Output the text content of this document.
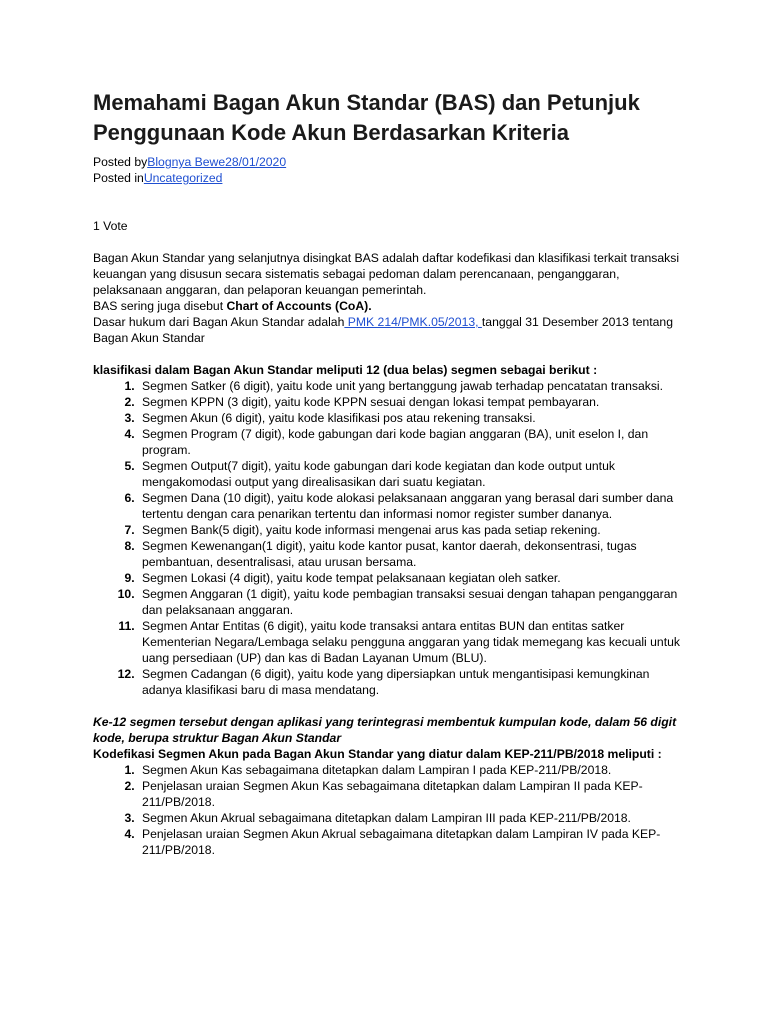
Memahami Bagan Akun Standar (BAS) dan Petunjuk Penggunaan Kode Akun Berdasarkan Kriteria

Posted byBlognya Bewe28/01/2020

Posted inUncategorized

1 Vote

Bagan Akun Standar yang selanjutnya disingkat BAS adalah daftar kodefikasi dan klasifikasi terkait transaksi keuangan yang disusun secara sistematis sebagai pedoman dalam perencanaan, penganggaran, pelaksanaan anggaran, dan pelaporan keuangan pemerintah.

BAS sering juga disebut Chart of Accounts (CoA).

Dasar hukum dari Bagan Akun Standar adalah PMK 214/PMK.05/2013, tanggal 31 Desember 2013 tentang Bagan Akun Standar

klasifikasi dalam Bagan Akun Standar meliputi 12 (dua belas) segmen sebagai berikut :
1. Segmen Satker (6 digit), yaitu kode unit yang bertanggung jawab terhadap pencatatan transaksi.
2. Segmen KPPN (3 digit), yaitu kode KPPN sesuai dengan lokasi tempat pembayaran.
3. Segmen Akun (6 digit), yaitu kode klasifikasi pos atau rekening transaksi.
4. Segmen Program (7 digit), kode gabungan dari kode bagian anggaran (BA), unit eselon I, dan program.
5. Segmen Output(7 digit), yaitu kode gabungan dari kode kegiatan dan kode output untuk mengakomodasi output yang direalisasikan dari suatu kegiatan.
6. Segmen Dana (10 digit), yaitu kode alokasi pelaksanaan anggaran yang berasal dari sumber dana tertentu dengan cara penarikan tertentu dan informasi nomor register sumber dananya.
7. Segmen Bank(5 digit), yaitu kode informasi mengenai arus kas pada setiap rekening.
8. Segmen Kewenangan(1 digit), yaitu kode kantor pusat, kantor daerah, dekonsentrasi, tugas pembantuan, desentralisasi, atau urusan bersama.
9. Segmen Lokasi (4 digit), yaitu kode tempat pelaksanaan kegiatan oleh satker.
10. Segmen Anggaran (1 digit), yaitu kode pembagian transaksi sesuai dengan tahapan penganggaran dan pelaksanaan anggaran.
11. Segmen Antar Entitas (6 digit), yaitu kode transaksi antara entitas BUN dan entitas satker Kementerian Negara/Lembaga selaku pengguna anggaran yang tidak memegang kas kecuali untuk uang persediaan (UP) dan kas di Badan Layanan Umum (BLU).
12. Segmen Cadangan (6 digit), yaitu kode yang dipersiapkan untuk mengantisipasi kemungkinan adanya klasifikasi baru di masa mendatang.
Ke-12 segmen tersebut dengan aplikasi yang terintegrasi membentuk kumpulan kode, dalam 56 digit kode, berupa struktur Bagan Akun Standar
Kodefikasi Segmen Akun pada Bagan Akun Standar yang diatur dalam KEP-211/PB/2018 meliputi :
1. Segmen Akun Kas sebagaimana ditetapkan dalam Lampiran I pada KEP-211/PB/2018.
2. Penjelasan uraian Segmen Akun Kas sebagaimana ditetapkan dalam Lampiran II pada KEP-211/PB/2018.
3. Segmen Akun Akrual sebagaimana ditetapkan dalam Lampiran III pada KEP-211/PB/2018.
4. Penjelasan uraian Segmen Akun Akrual sebagaimana ditetapkan dalam Lampiran IV pada KEP-211/PB/2018.
